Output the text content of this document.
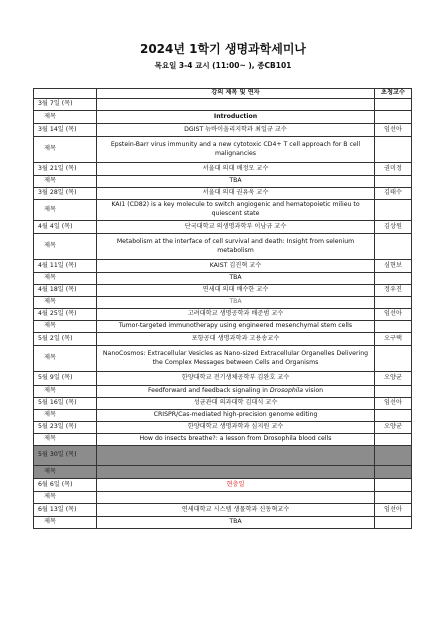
2024년 1학기 생명과학세미나
목요일 3-4 교시 (11:00~ ), 종CB101
	강의 제목 및 연자	초청교수
3월 7일 (목)		
제목	Introduction	
3월 14일 (목)	DGIST 뉴바이올리지학과 최일규 교수	임선아
제목	Epstein-Barr virus immunity and a new cytotoxic CD4+ T cell approach for B cell malignancies	
3월 21일 (목)	서울대 의대 배정모 교수	권미정
제목	TBA	
3월 28일 (목)	서울대 의대 권유욱 교수	김태수
제목	KAI1 (CD82) is a key molecule to switch angiogenic and hematopoietic milieu to quiescent state	
4월 4일 (목)	단국대학교 의생명과학부 이남규 교수	김상원
제목	Metabolism at the interface of cell survival and death: Insight from selenium metabolism	
4월 11일 (목)	KAIST 김진혁 교수	심현보
제목	TBA	
4월 18일 (목)	연세대 의대 배수한 교수	정우진
제목	TBA	
4월 25일 (목)	고려대학교 생명공학과 배준범 교수	임선아
제목	Tumor-targeted immunotherapy using engineered mesenchymal stem cells	
5월 2일 (목)	포항공대 생명과학과 고용송교수	오구택
제목	NanoCosmos: Extracellular Vesicles as Nano-sized Extracellular Organelles Delivering the Complex Messages between Cells and Organisms	
5월 9일 (목)	한양대학교 전기생체공학부 김완호 교수	오양균
제목	Feedforward and feedback signaling in Drosophila vision	
5월 16일 (목)	성균관대 의과대학 김대식 교수	임선아
제목	CRISPR/Cas-mediated high-precision genome editing	
5월 23일 (목)	한양대학교 생명과학과 심지원 교수	오양균
제목	How do insects breathe?: a lesson from Drosophila blood cells	
5월 30일 (목)		
제목		
6월 6일 (목)	현충일	
제목		
6월 13일 (목)	연세대학교 시스템 생물학과 신동혁교수	임선아
제목	TBA	
